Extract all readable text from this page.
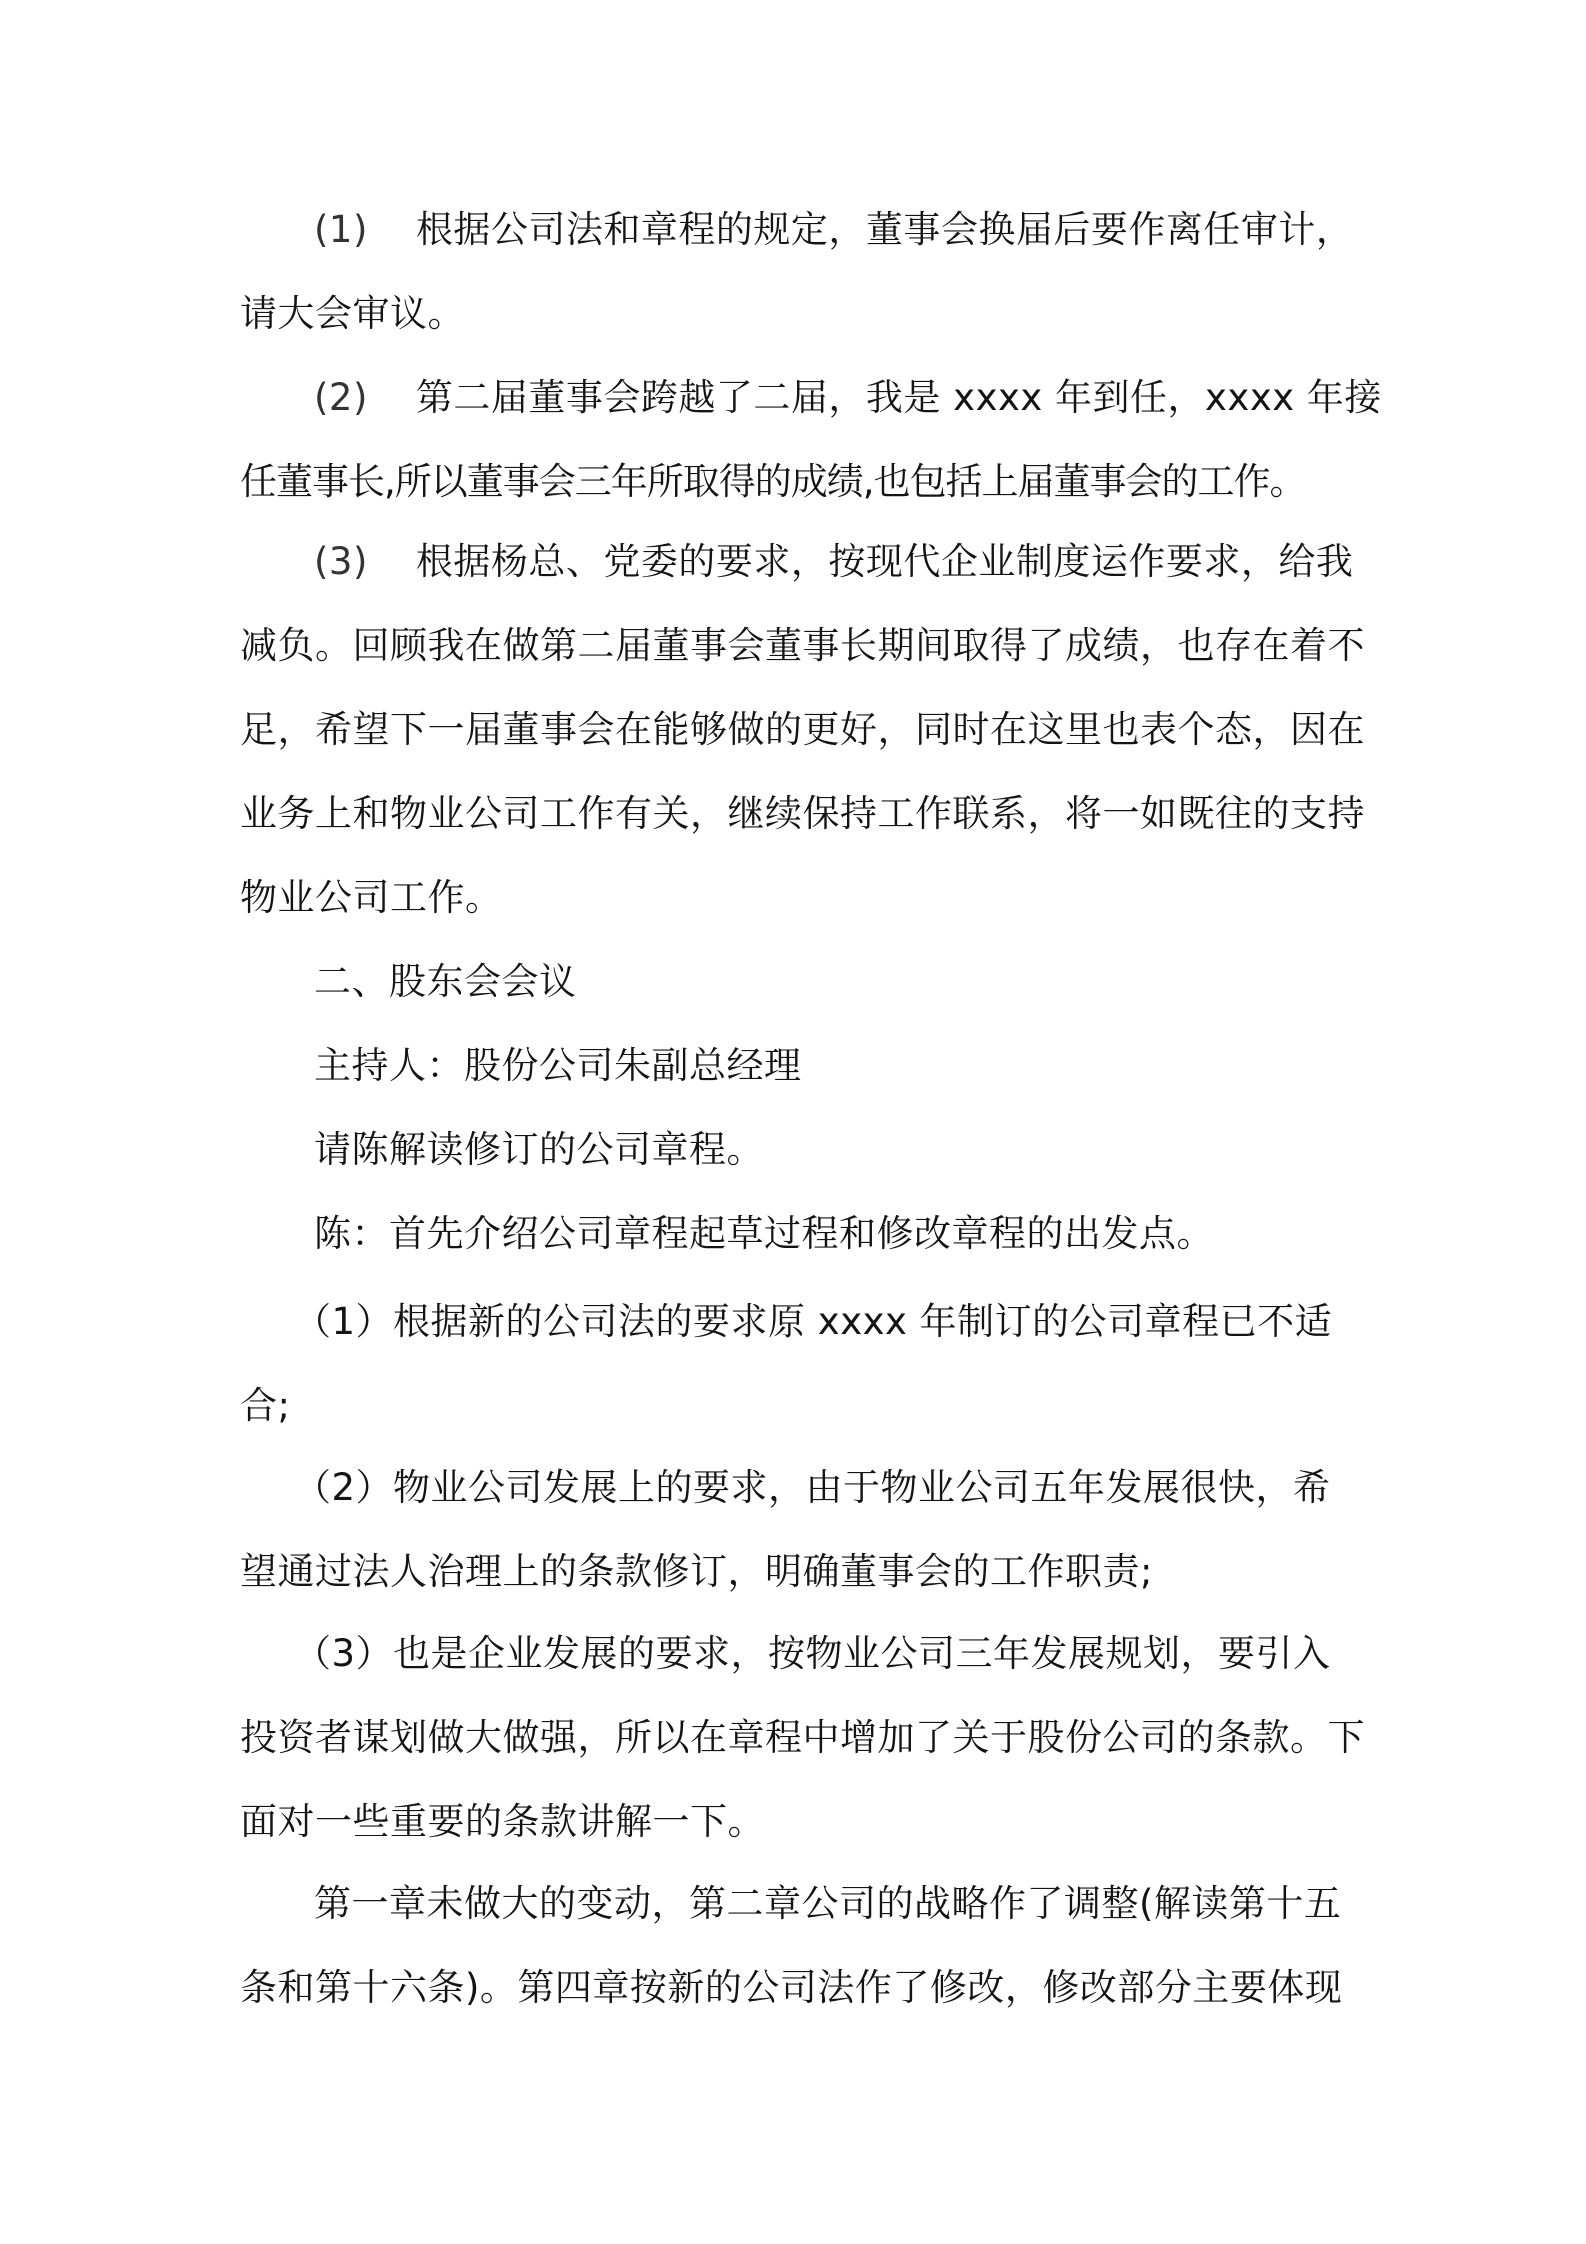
(1) 根据公司法和章程的规定，董事会换届后要作离任审计，
请大会审议。
(2) 第二届董事会跨越了二届，我是 xxxx 年到任，xxxx 年接
任董事长,所以董事会三年所取得的成绩,也包括上届董事会的工作。
(3) 根据杨总、党委的要求，按现代企业制度运作要求，给我
减负。回顾我在做第二届董事会董事长期间取得了成绩，也存在着不
足，希望下一届董事会在能够做的更好，同时在这里也表个态，因在
业务上和物业公司工作有关，继续保持工作联系，将一如既往的支持
物业公司工作。
二、股东会会议
主持人：股份公司朱副总经理
请陈解读修订的公司章程。
陈：首先介绍公司章程起草过程和修改章程的出发点。
（1）根据新的公司法的要求原 xxxx 年制订的公司章程已不适
合;
（2）物业公司发展上的要求，由于物业公司五年发展很快，希
望通过法人治理上的条款修订，明确董事会的工作职责;
（3）也是企业发展的要求，按物业公司三年发展规划，要引入
投资者谋划做大做强，所以在章程中增加了关于股份公司的条款。下
面对一些重要的条款讲解一下。
第一章未做大的变动，第二章公司的战略作了调整(解读第十五
条和第十六条)。第四章按新的公司法作了修改，修改部分主要体现
